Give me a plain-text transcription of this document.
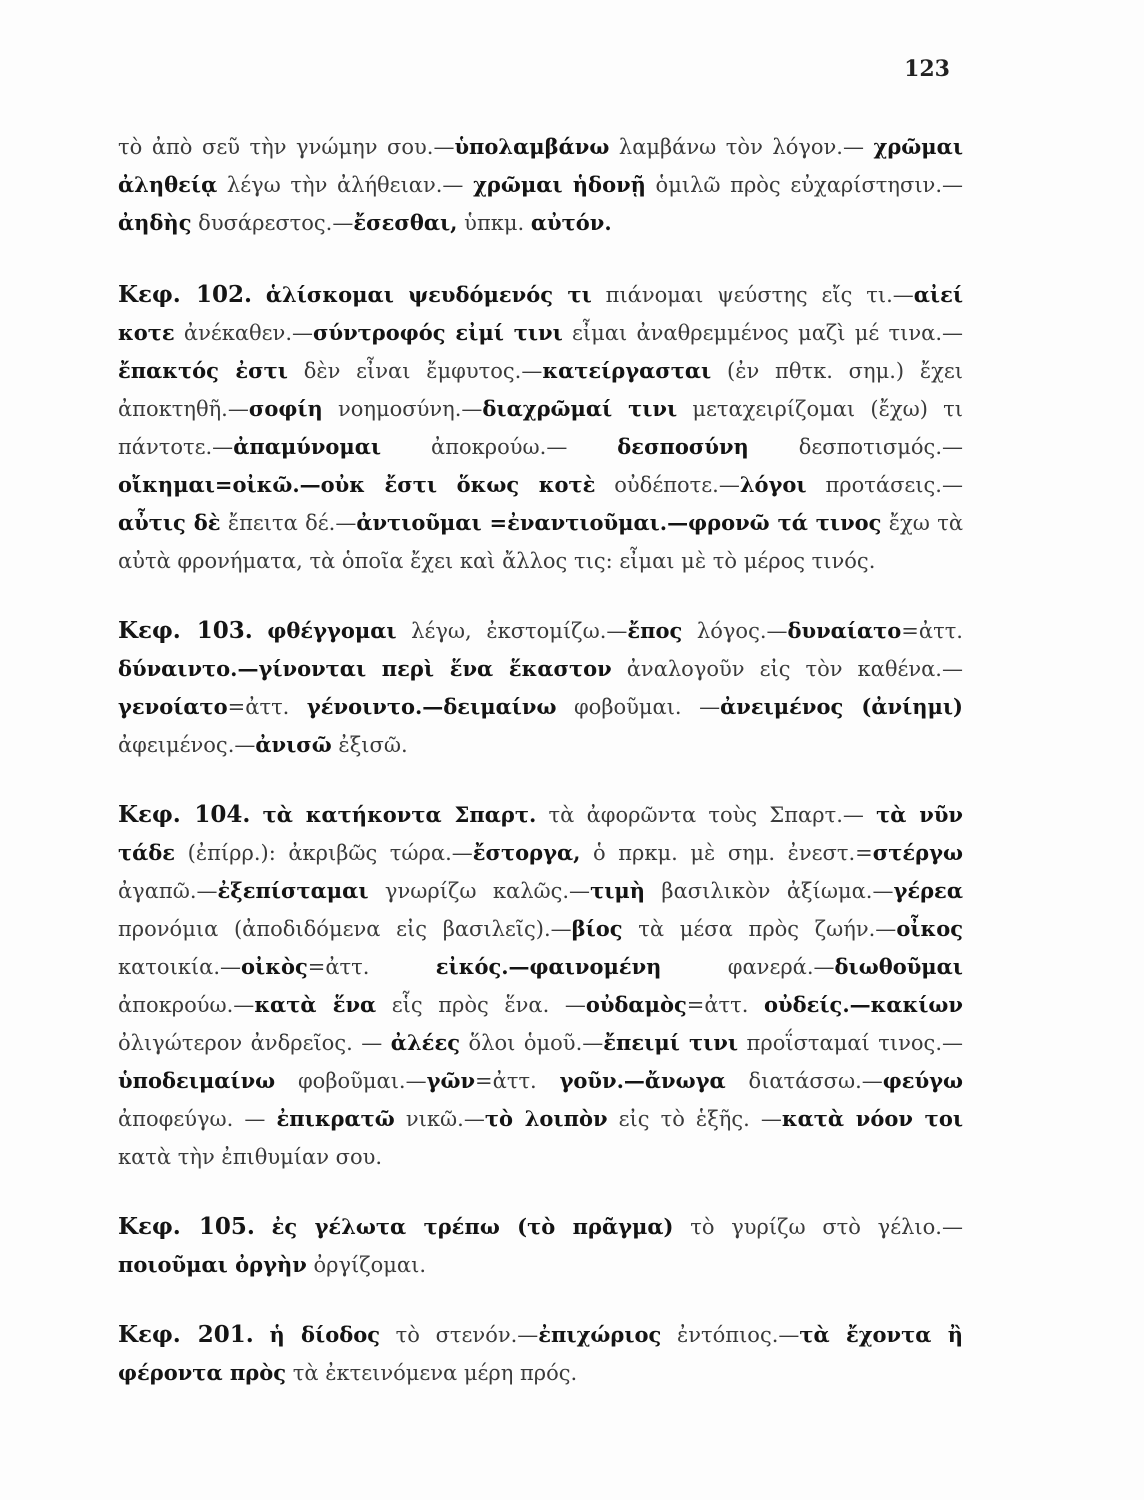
123

τὸ ἀπὸ σεῦ τὴν γνώμην σου.—ὑπολαμβάνω λαμβάνω τὸν λόγον.— χρῶμαι ἀληθείᾳ λέγω τὴν ἀλήθειαν.— χρῶμαι ἡδονῇ ὁμιλῶ πρὸς εὐχαρίστησιν.—ἀηδὴς δυσάρεστος.—ἔσεσθαι, ὑπκμ. αὐτόν.

Κεφ. 102. ἁλίσκομαι ψευδόμενός τι πιάνομαι ψεύστης εἴς τι.—αἰεί κοτε ἀνέκαθεν.—σύντροφός εἰμί τινι εἶμαι ἀναθρεμμένος μαζὶ μέ τινα.—ἔπακτός ἐστι δὲν εἶναι ἔμφυτος.—κατείργασται (ἐν πθτκ. σημ.) ἔχει ἀποκτηθῆ.—σοφίη νοημοσύνη.—διαχρῶμαί τινι μεταχειρίζομαι (ἔχω) τι πάντοτε.—ἀπαμύνομαι ἀποκρούω.— δεσποσύνη δεσποτισμός.—οἴκημαι=οἰκῶ.—οὐκ ἔστι ὅκως κοτὲ οὐδέποτε.—λόγοι προτάσεις.—αὖτις δὲ ἔπειτα δέ.—ἀντιοῦμαι =ἐναντιοῦμαι.—φρονῶ τά τινος ἔχω τὰ αὐτὰ φρονήματα, τὰ ὁποῖα ἔχει καὶ ἄλλος τις: εἶμαι μὲ τὸ μέρος τινός.

Κεφ. 103. φθέγγομαι λέγω, ἐκστομίζω.—ἔπος λόγος.—δυναίατο=ἀττ. δύναιντο.—γίνονται περὶ ἕνα ἕκαστον ἀναλογοῦν εἰς τὸν καθένα.—γενοίατο=ἀττ. γένοιντο.—δειμαίνω φοβοῦμαι. —ἀνειμένος (ἀνίημι) ἀφειμένος.—ἀνισῶ ἐξισῶ.

Κεφ. 104. τὰ κατήκοντα Σπαρτ. τὰ ἀφορῶντα τοὺς Σπαρτ.— τὰ νῦν τάδε (ἐπίρρ.): ἀκριβῶς τώρα.—ἔστοργα, ὁ πρκμ. μὲ σημ. ἐνεστ.=στέργω ἀγαπῶ.—ἐξεπίσταμαι γνωρίζω καλῶς.—τιμὴ βασιλικὸν ἀξίωμα.—γέρεα προνόμια (ἀποδιδόμενα εἰς βασιλεῖς).—βίος τὰ μέσα πρὸς ζωήν.—οἶκος κατοικία.—οἰκὸς=ἀττ. εἰκός.—φαινομένη φανερά.—διωθοῦμαι ἀποκρούω.—κατὰ ἕνα εἷς πρὸς ἕνα. —οὐδαμὸς=ἀττ. οὐδείς.—κακίων ὀλιγώτερον ἀνδρεῖος. — ἀλέες ὅλοι ὁμοῦ.—ἔπειμί τινι προΐσταμαί τινος.—ὑποδειμαίνω φοβοῦμαι.—γῶν=ἀττ. γοῦν.—ἄνωγα διατάσσω.—φεύγω ἀποφεύγω. — ἐπικρατῶ νικῶ.—τὸ λοιπὸν εἰς τὸ ἑξῆς. —κατὰ νόον τοι κατὰ τὴν ἐπιθυμίαν σου.

Κεφ. 105. ἐς γέλωτα τρέπω (τὸ πρᾶγμα) τὸ γυρίζω στὸ γέλιο.—ποιοῦμαι ὀργὴν ὀργίζομαι.

Κεφ. 201. ἡ δίοδος τὸ στενόν.—ἐπιχώριος ἐντόπιος.—τὰ ἔχοντα ἢ φέροντα πρὸς τὰ ἐκτεινόμενα μέρη πρός.
